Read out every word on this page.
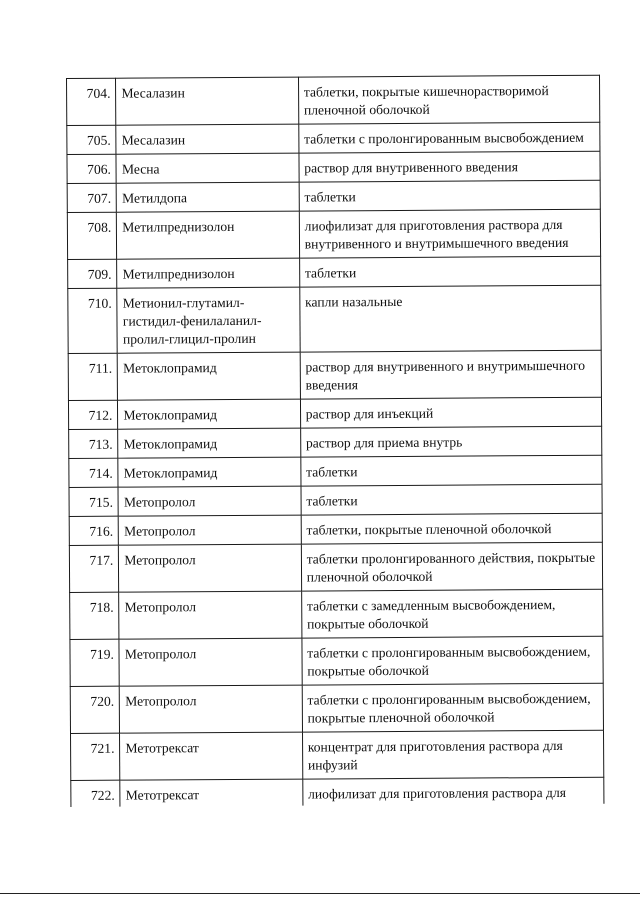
704.	Месалазин	таблетки, покрытые кишечнорастворимой пленочной оболочкой
705.	Месалазин	таблетки с пролонгированным высвобождением
706.	Месна	раствор для внутривенного введения
707.	Метилдопа	таблетки
708.	Метилпреднизолон	лиофилизат для приготовления раствора для внутривенного и внутримышечного введения
709.	Метилпреднизолон	таблетки
710.	Метионил-глутамил-гистидил-фенилаланил-пролил-глицил-пролин	капли назальные
711.	Метоклопрамид	раствор для внутривенного и внутримышечного введения
712.	Метоклопрамид	раствор для инъекций
713.	Метоклопрамид	раствор для приема внутрь
714.	Метоклопрамид	таблетки
715.	Метопролол	таблетки
716.	Метопролол	таблетки, покрытые пленочной оболочкой
717.	Метопролол	таблетки пролонгированного действия, покрытые пленочной оболочкой
718.	Метопролол	таблетки с замедленным высвобождением, покрытые оболочкой
719.	Метопролол	таблетки с пролонгированным высвобождением, покрытые оболочкой
720.	Метопролол	таблетки с пролонгированным высвобождением, покрытые пленочной оболочкой
721.	Метотрексат	концентрат для приготовления раствора для инфузий
722.	Метотрексат	лиофилизат для приготовления раствора для
